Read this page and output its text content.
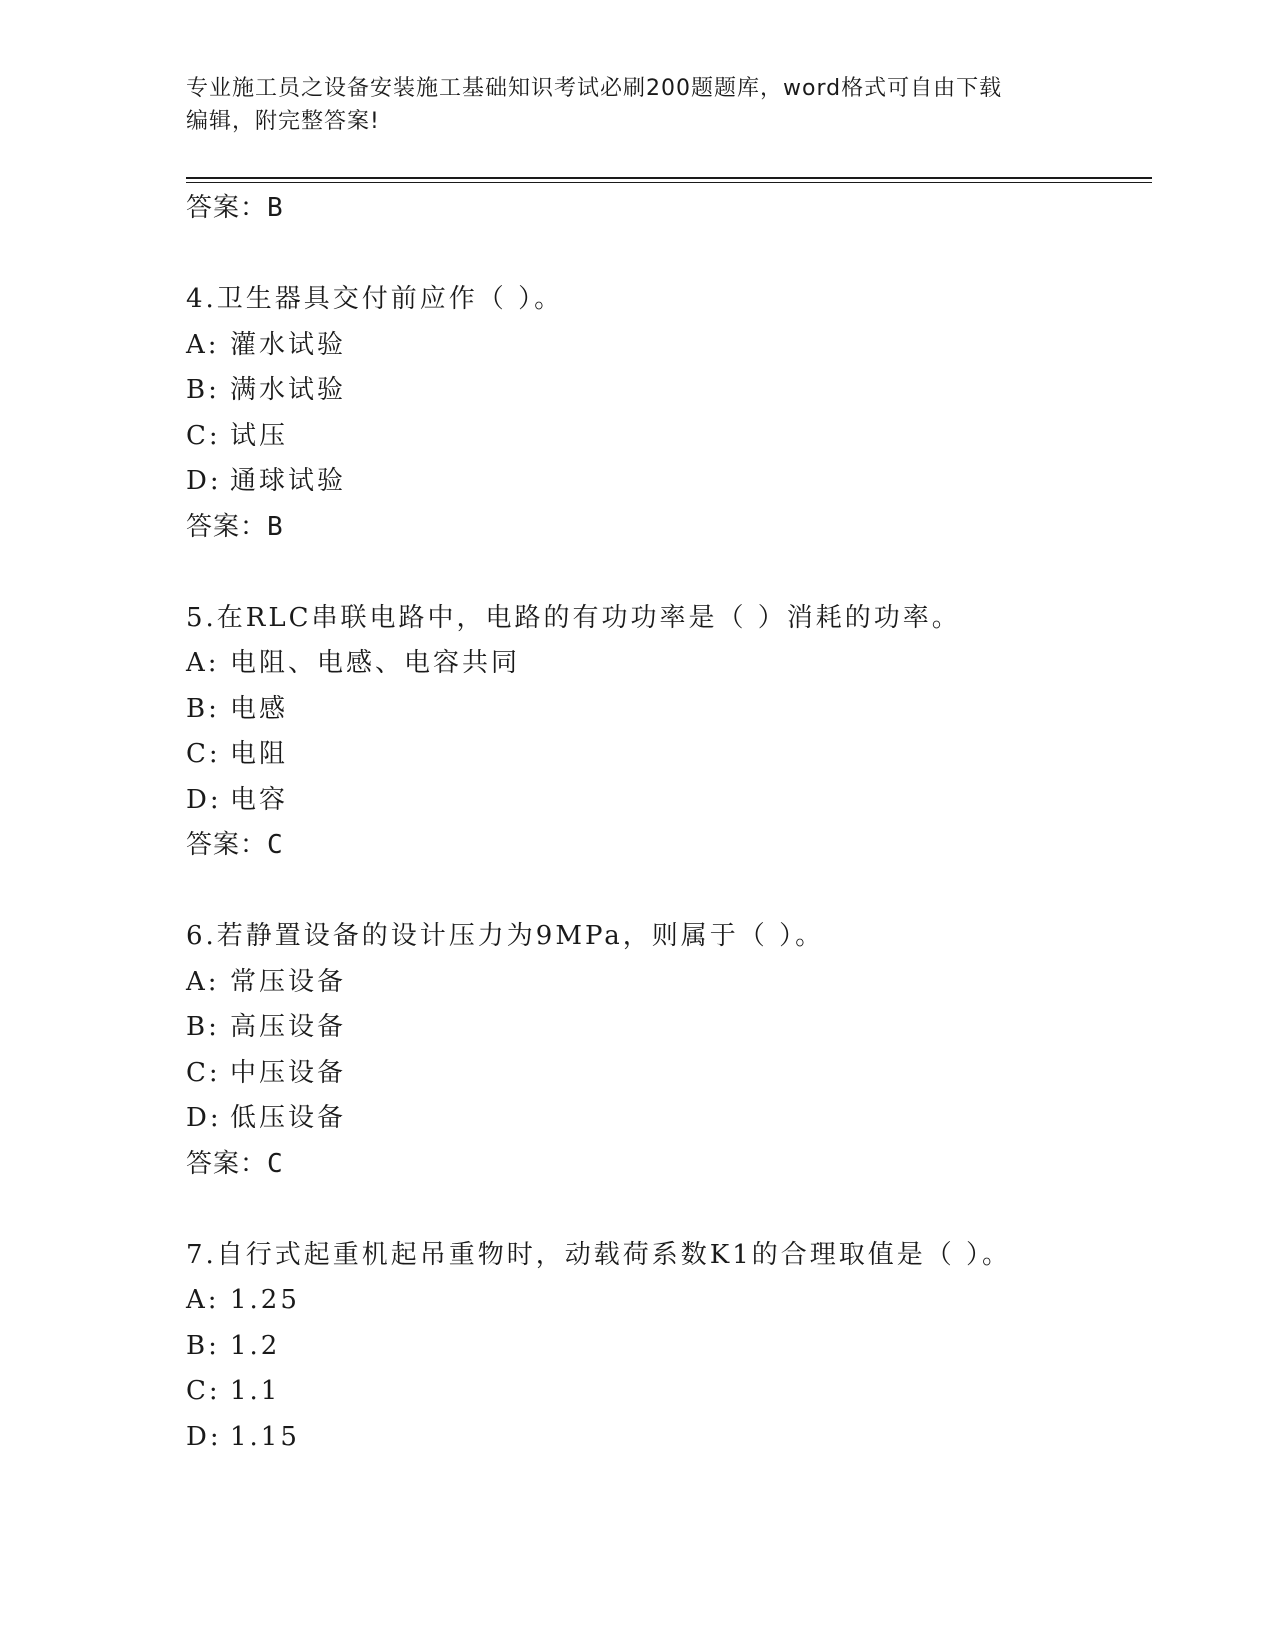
专业施工员之设备安装施工基础知识考试必刷200题题库，word格式可自由下载
编辑，附完整答案!
答案：B
4.卫生器具交付前应作（ ）。
A: 灌水试验
B: 满水试验
C: 试压
D: 通球试验
答案：B
5.在RLC串联电路中，电路的有功功率是（ ）消耗的功率。
A: 电阻、电感、电容共同
B: 电感
C: 电阻
D: 电容
答案：C
6.若静置设备的设计压力为9MPa，则属于（ ）。
A: 常压设备
B: 高压设备
C: 中压设备
D: 低压设备
答案：C
7.自行式起重机起吊重物时，动载荷系数K1的合理取值是（ ）。
A: 1.25
B: 1.2
C: 1.1
D: 1.15
